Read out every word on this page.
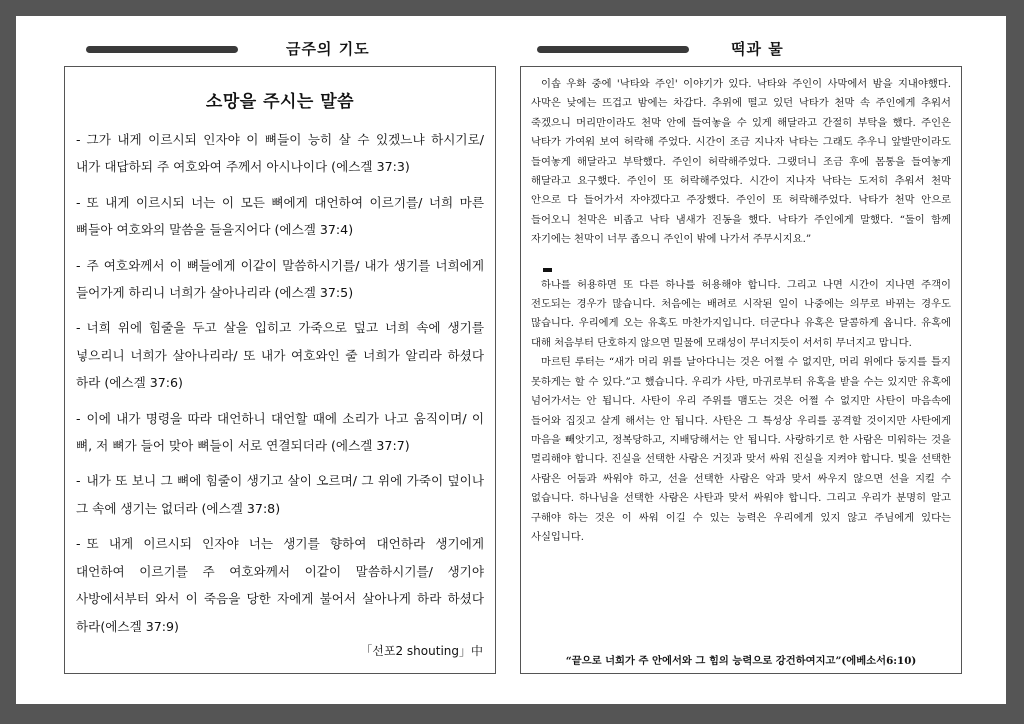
금주의 기도	떡과 물
소망을 주시는 말씀

- 그가 내게 이르시되 인자야 이 뼈들이 능히 살 수 있겠느냐 하시기로/ 내가 대답하되 주 여호와여 주께서 아시나이다 (에스겔 37:3)

- 또 내게 이르시되 너는 이 모든 뼈에게 대언하여 이르기를/ 너희 마른 뼈들아 여호와의 말씀을 들을지어다 (에스겔 37:4)

- 주 여호와께서 이 뼈들에게 이같이 말씀하시기를/ 내가 생기를 너희에게 들어가게 하리니 너희가 살아나리라 (에스겔 37:5)

- 너희 위에 힘줄을 두고 살을 입히고 가죽으로 덮고 너희 속에 생기를 넣으리니 너희가 살아나리라/ 또 내가 여호와인 줄 너희가 알리라 하셨다 하라 (에스겔 37:6)

- 이에 내가 명령을 따라 대언하니 대언할 때에 소리가 나고 움직이며/ 이 뼈, 저 뼈가 들어 맞아 뼈들이 서로 연결되더라 (에스겔 37:7)

- 내가 또 보니 그 뼈에 힘줄이 생기고 살이 오르며/ 그 위에 가죽이 덮이나 그 속에 생기는 없더라 (에스겔 37:8)

- 또 내게 이르시되 인자야 너는 생기를 향하여 대언하라 생기에게 대언하여 이르기를 주 여호와께서 이같이 말씀하시기를/ 생기야 사방에서부터 와서 이 죽음을 당한 자에게 불어서 살아나게 하라 하셨다 하라(에스겔 37:9)

「선포2 shouting」中

이솝 우화 중에 '낙타와 주인' 이야기가 있다. 낙타와 주인이 사막에서 밤을 지내야했다. 사막은 낮에는 뜨겁고 밤에는 차갑다. 추위에 떨고 있던 낙타가 천막 속 주인에게 추워서 죽겠으니 머리만이라도 천막 안에 들여놓을 수 있게 해달라고 간절히 부탁을 했다. 주인은 낙타가 가여워 보여 허락해 주었다. 시간이 조금 지나자 낙타는 그래도 추우니 앞발만이라도 들여놓게 해달라고 부탁했다. 주인이 허락해주었다. 그랬더니 조금 후에 몸통을 들여놓게 해달라고 요구했다. 주인이 또 허락해주었다. 시간이 지나자 낙타는 도저히 추워서 천막 안으로 다 들어가서 자야겠다고 주장했다. 주인이 또 허락해주었다. 낙타가 천막 안으로 들어오니 천막은 비좁고 낙타 냄새가 진동을 했다. 낙타가 주인에게 말했다. “둘이 함께 자기에는 천막이 너무 좁으니 주인이 밖에 나가서 주무시지요.”

하나를 허용하면 또 다른 하나를 허용해야 합니다. 그리고 나면 시간이 지나면 주객이 전도되는 경우가 많습니다. 처음에는 배려로 시작된 일이 나중에는 의무로 바뀌는 경우도 많습니다. 우리에게 오는 유혹도 마찬가지입니다. 더군다나 유혹은 달콤하게 옵니다. 유혹에 대해 처음부터 단호하지 않으면 밀물에 모래성이 무너지듯이 서서히 무너지고 맙니다.

마르틴 루터는 “새가 머리 위를 날아다니는 것은 어쩔 수 없지만, 머리 위에다 둥지를 틀지 못하게는 할 수 있다.”고 했습니다. 우리가 사탄, 마귀로부터 유혹을 받을 수는 있지만 유혹에 넘어가서는 안 됩니다. 사탄이 우리 주위를 맴도는 것은 어쩔 수 없지만 사탄이 마음속에 들어와 집짓고 살게 해서는 안 됩니다. 사탄은 그 특성상 우리를 공격할 것이지만 사탄에게 마음을 빼앗기고, 정복당하고, 지배당해서는 안 됩니다. 사랑하기로 한 사람은 미워하는 것을 멀리해야 합니다. 진실을 선택한 사람은 거짓과 맞서 싸워 진실을 지켜야 합니다. 빛을 선택한 사람은 어둠과 싸워야 하고, 선을 선택한 사람은 악과 맞서 싸우지 않으면 선을 지킬 수 없습니다. 하나님을 선택한 사람은 사탄과 맞서 싸워야 합니다. 그리고 우리가 분명히 알고 구해야 하는 것은 이 싸워 이길 수 있는 능력은 우리에게 있지 않고 주님에게 있다는 사실입니다.

“끝으로 너희가 주 안에서와 그 힘의 능력으로 강건하여지고”(에베소서6:10)
